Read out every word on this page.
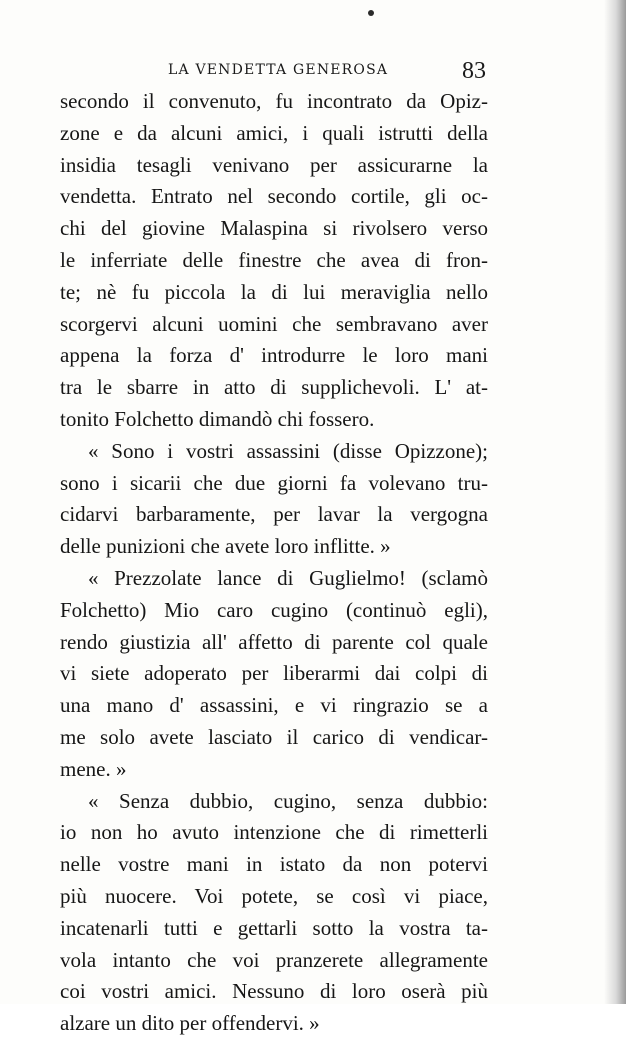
LA VENDETTA GENEROSA	83
secondo il convenuto, fu incontrato da Opiz-
zone e da alcuni amici, i quali istrutti della
insidia tesagli venivano per assicurarne la
vendetta. Entrato nel secondo cortile, gli oc-
chi del giovine Malaspina si rivolsero verso
le inferriate delle finestre che avea di fron-
te; nè fu piccola la di lui meraviglia nello
scorgervi alcuni uomini che sembravano aver
appena la forza d' introdurre le loro mani
tra le sbarre in atto di supplichevoli. L' at-
tonito Folchetto dimandò chi fossero.
« Sono i vostri assassini (disse Opizzone);
sono i sicarii che due giorni fa volevano tru-
cidarvi barbaramente, per lavar la vergogna
delle punizioni che avete loro inflitte. »
« Prezzolate lance di Guglielmo! (sclamò
Folchetto) Mio caro cugino (continuò egli),
rendo giustizia all' affetto di parente col quale
vi siete adoperato per liberarmi dai colpi di
una mano d' assassini, e vi ringrazio se a
me solo avete lasciato il carico di vendicar-
mene. »
« Senza dubbio, cugino, senza dubbio:
io non ho avuto intenzione che di rimetterli
nelle vostre mani in istato da non potervi
più nuocere. Voi potete, se così vi piace,
incatenarli tutti e gettarli sotto la vostra ta-
vola intanto che voi pranzerete allegramente
coi vostri amici. Nessuno di loro oserà più
alzare un dito per offendervi. »
